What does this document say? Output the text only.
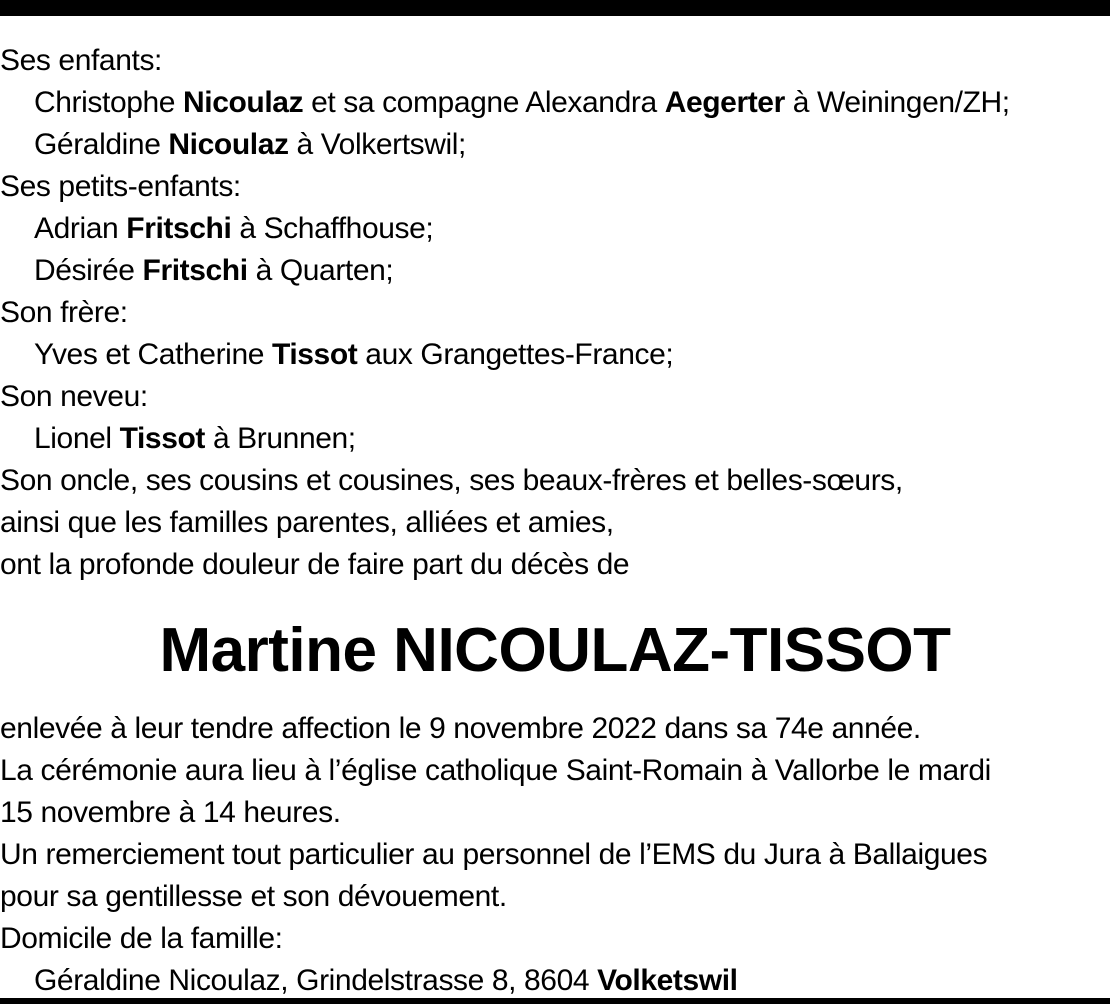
Ses enfants:
Christophe Nicoulaz et sa compagne Alexandra Aegerter à Weiningen/ZH;
Géraldine Nicoulaz à Volkertswil;
Ses petits-enfants:
Adrian Fritschi à Schaffhouse;
Désirée Fritschi à Quarten;
Son frère:
Yves et Catherine Tissot aux Grangettes-France;
Son neveu:
Lionel Tissot à Brunnen;
Son oncle, ses cousins et cousines, ses beaux-frères et belles-sœurs,
ainsi que les familles parentes, alliées et amies,
ont la profonde douleur de faire part du décès de
Martine NICOULAZ-TISSOT
enlevée à leur tendre affection le 9 novembre 2022 dans sa 74e année.
La cérémonie aura lieu à l’église catholique Saint-Romain à Vallorbe le mardi
15 novembre à 14 heures.
Un remerciement tout particulier au personnel de l’EMS du Jura à Ballaigues
pour sa gentillesse et son dévouement.
Domicile de la famille:
Géraldine Nicoulaz, Grindelstrasse 8, 8604 Volketswil
